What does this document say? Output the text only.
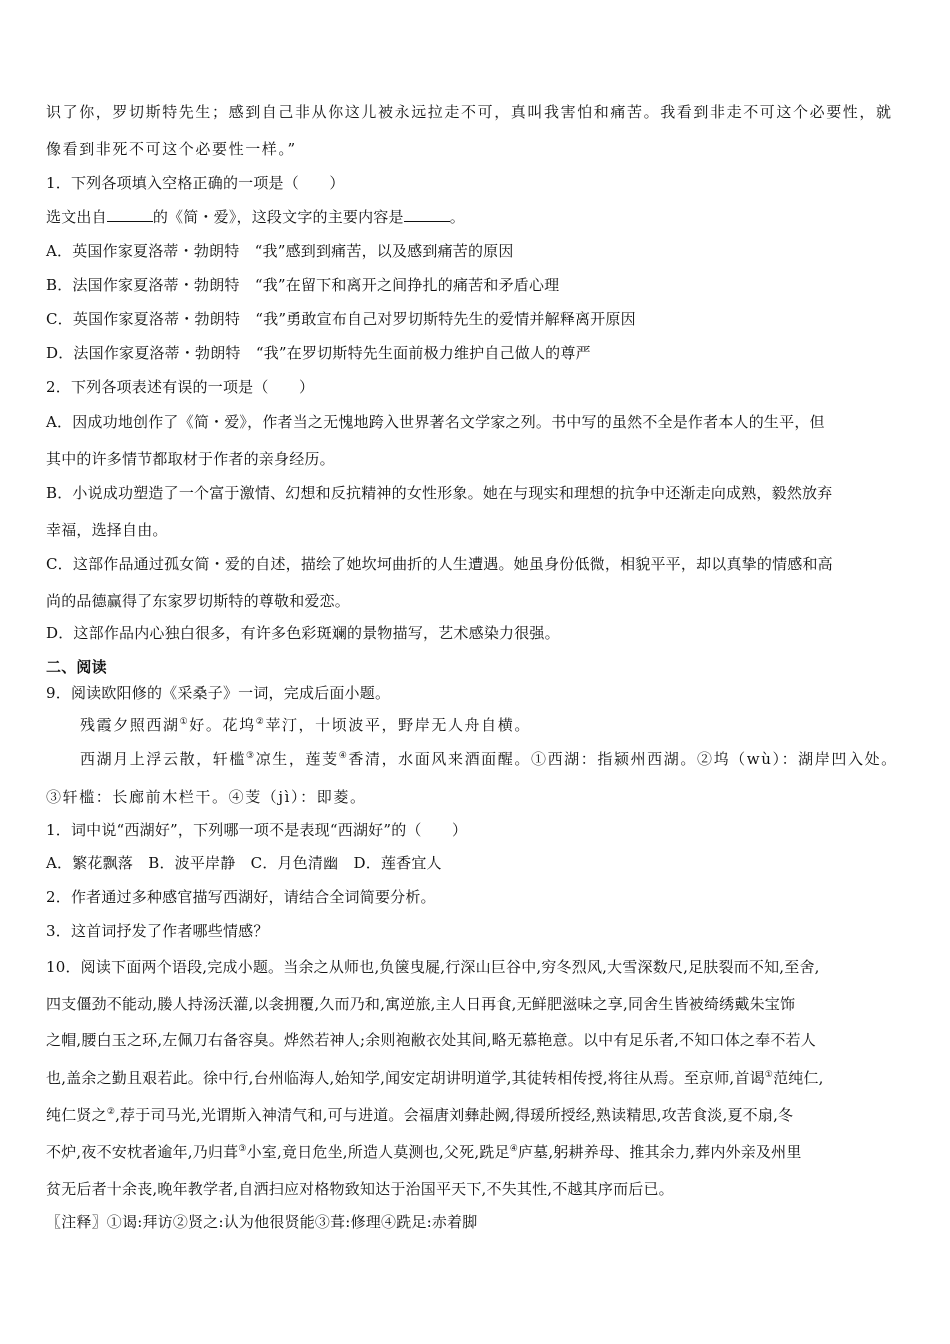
识了你，罗切斯特先生；感到自己非从你这儿被永远拉走不可，真叫我害怕和痛苦。我看到非走不可这个必要性，就
像看到非死不可这个必要性一样。”
1．下列各项填入空格正确的一项是（　　）
选文出自	的《简・爱》，这段文字的主要内容是	。
A．英国作家夏洛蒂・勃朗特　“我”感到到痛苦，以及感到痛苦的原因
B．法国作家夏洛蒂・勃朗特　“我”在留下和离开之间挣扎的痛苦和矛盾心理
C．英国作家夏洛蒂・勃朗特　“我”勇敢宣布自己对罗切斯特先生的爱情并解释离开原因
D．法国作家夏洛蒂・勃朗特　“我”在罗切斯特先生面前极力维护自己做人的尊严
2．下列各项表述有误的一项是（　　）
A．因成功地创作了《简・爱》，作者当之无愧地跨入世界著名文学家之列。书中写的虽然不全是作者本人的生平，但
其中的许多情节都取材于作者的亲身经历。
B．小说成功塑造了一个富于激情、幻想和反抗精神的女性形象。她在与现实和理想的抗争中还渐走向成熟，毅然放弃
幸福，选择自由。
C．这部作品通过孤女简・爱的自述，描绘了她坎坷曲折的人生遭遇。她虽身份低微，相貌平平，却以真挚的情感和高
尚的品德赢得了东家罗切斯特的尊敬和爱恋。
D．这部作品内心独白很多，有许多色彩斑斓的景物描写，艺术感染力很强。
二、阅读
9．阅读欧阳修的《采桑子》一词，完成后面小题。
残霞夕照西湖①好。花坞②苹汀，十顷波平，野岸无人舟自横。
西湖月上浮云散，轩槛③凉生，莲芰④香清，水面风来酒面醒。①西湖：指颍州西湖。②坞（wù）：湖岸凹入处。
③轩槛：长廊前木栏干。④芰（jì）：即菱。
1．词中说“西湖好”，下列哪一项不是表现“西湖好”的（　　）
A．繁花飘落　B．波平岸静　C．月色清幽　D．莲香宜人
2．作者通过多种感官描写西湖好，请结合全词简要分析。
3．这首词抒发了作者哪些情感？
10．阅读下面两个语段,完成小题。当余之从师也,负箧曳屣,行深山巨谷中,穷冬烈风,大雪深数尺,足肤裂而不知,至舍,
四支僵劲不能动,媵人持汤沃灌,以衾拥覆,久而乃和,寓逆旅,主人日再食,无鲜肥滋味之享,同舍生皆被绮绣戴朱宝饰
之帽,腰白玉之环,左佩刀右备容臭。烨然若神人;余则袍敝衣处其间,略无慕艳意。以中有足乐者,不知口体之奉不若人
也,盖余之勤且艰若此。徐中行,台州临海人,始知学,闻安定胡讲明道学,其徒转相传授,将往从焉。至京师,首谒①范纯仁,
纯仁贤之②,荐于司马光,光谓斯入神清气和,可与进道。会福唐刘彝赴阙,得瑗所授经,熟读精思,攻苦食淡,夏不扇,冬
不炉,夜不安枕者逾年,乃归葺③小室,竟日危坐,所造人莫测也,父死,跣足④庐墓,躬耕养母、推其余力,葬内外亲及州里
贫无后者十余丧,晚年教学者,自洒扫应对格物致知达于治国平天下,不失其性,不越其序而后已。
〖注释〗①谒:拜访②贤之:认为他很贤能③葺:修理④跣足:赤着脚
